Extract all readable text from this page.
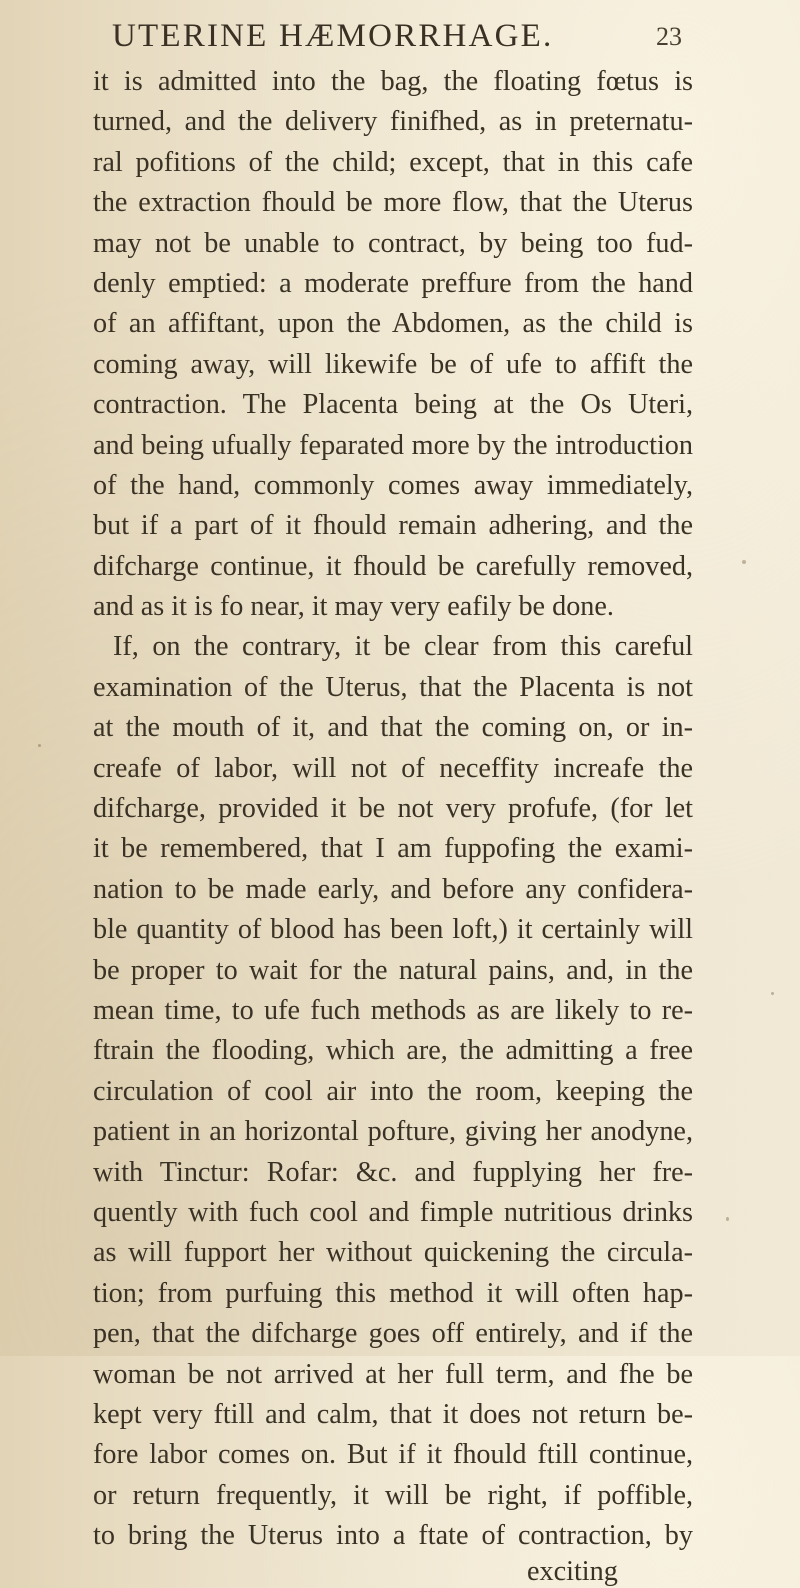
UTERINE HÆMORRHAGE.	23
it is admitted into the bag, the floating fœtus is
turned, and the delivery finifhed, as in preternatu-
ral pofitions of the child; except, that in this cafe
the extraction fhould be more flow, that the Uterus
may not be unable to contract, by being too fud-
denly emptied: a moderate preffure from the hand
of an affiftant, upon the Abdomen, as the child is
coming away, will likewife be of ufe to affift the
contraction. The Placenta being at the Os Uteri,
and being ufually feparated more by the introduction
of the hand, commonly comes away immediately,
but if a part of it fhould remain adhering, and the
difcharge continue, it fhould be carefully removed,
and as it is fo near, it may very eafily be done.
If, on the contrary, it be clear from this careful
examination of the Uterus, that the Placenta is not
at the mouth of it, and that the coming on, or in-
creafe of labor, will not of neceffity increafe the
difcharge, provided it be not very profufe, (for let
it be remembered, that I am fuppofing the exami-
nation to be made early, and before any confidera-
ble quantity of blood has been loft,) it certainly will
be proper to wait for the natural pains, and, in the
mean time, to ufe fuch methods as are likely to re-
ftrain the flooding, which are, the admitting a free
circulation of cool air into the room, keeping the
patient in an horizontal pofture, giving her anodyne,
with Tinctur: Rofar: &c. and fupplying her fre-
quently with fuch cool and fimple nutritious drinks
as will fupport her without quickening the circula-
tion; from purfuing this method it will often hap-
pen, that the difcharge goes off entirely, and if the
woman be not arrived at her full term, and fhe be
kept very ftill and calm, that it does not return be-
fore labor comes on. But if it fhould ftill continue,
or return frequently, it will be right, if poffible,
to bring the Uterus into a ftate of contraction, by
exciting
